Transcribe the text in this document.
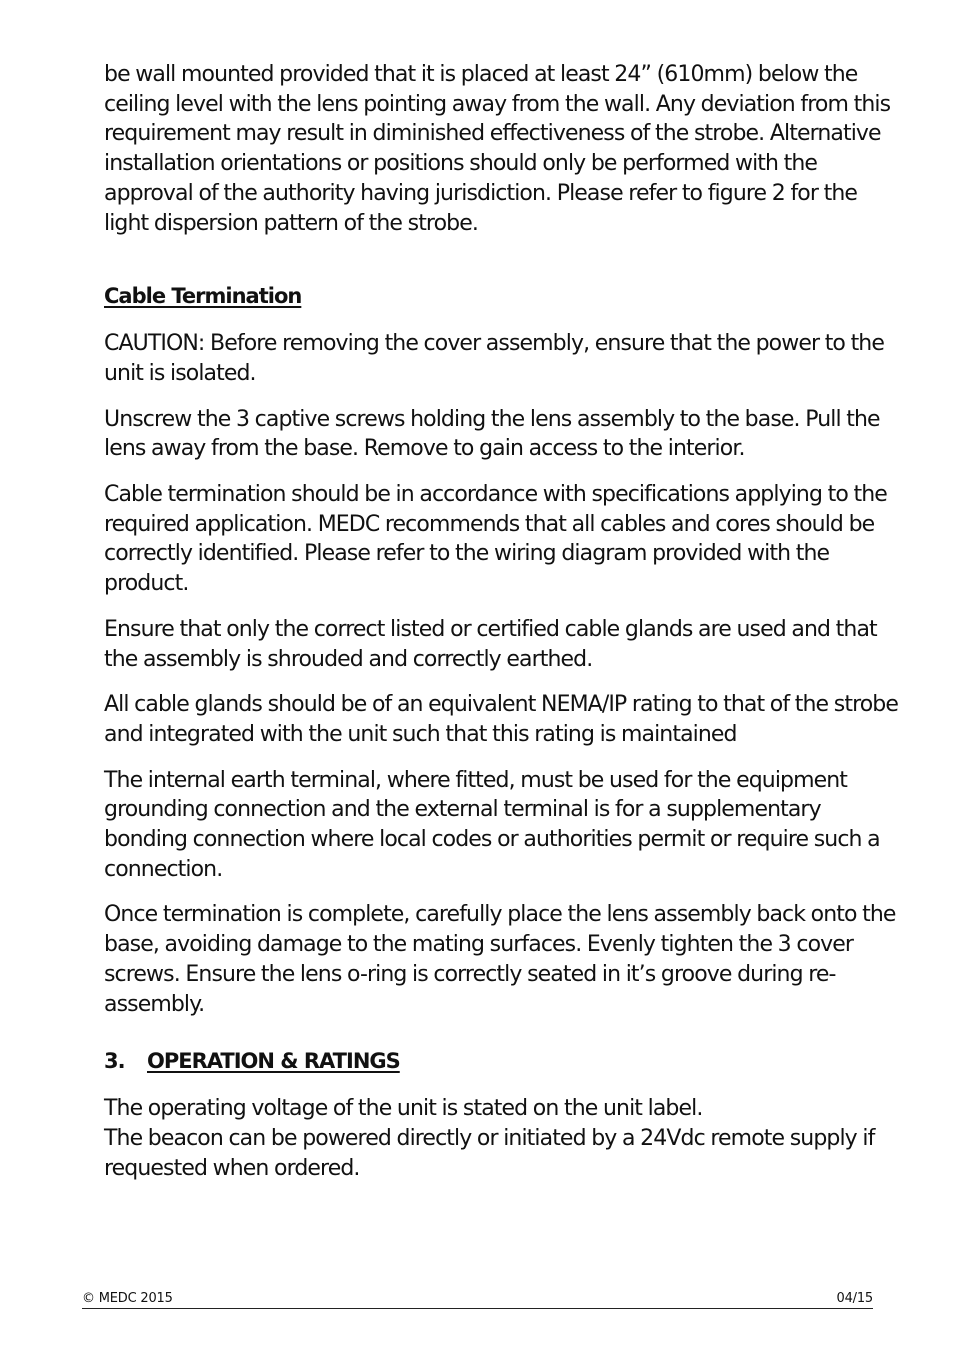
be wall mounted provided that it is placed at least 24” (610mm) below the ceiling level with the lens pointing away from the wall. Any deviation from this requirement may result in diminished effectiveness of the strobe. Alternative installation orientations or positions should only be performed with the approval of the authority having jurisdiction. Please refer to figure 2 for the light dispersion pattern of the strobe.

Cable Termination

CAUTION: Before removing the cover assembly, ensure that the power to the unit is isolated.

Unscrew the 3 captive screws holding the lens assembly to the base. Pull the lens away from the base. Remove to gain access to the interior.

Cable termination should be in accordance with specifications applying to the required application. MEDC recommends that all cables and cores should be correctly identified. Please refer to the wiring diagram provided with the product.

Ensure that only the correct listed or certified cable glands are used and that the assembly is shrouded and correctly earthed.

All cable glands should be of an equivalent NEMA/IP rating to that of the strobe and integrated with the unit such that this rating is maintained

The internal earth terminal, where fitted, must be used for the equipment grounding connection and the external terminal is for a supplementary bonding connection where local codes or authorities permit or require such a connection.

Once termination is complete, carefully place the lens assembly back onto the base, avoiding damage to the mating surfaces. Evenly tighten the 3 cover screws. Ensure the lens o-ring is correctly seated in it’s groove during re-assembly.

3. OPERATION & RATINGS

The operating voltage of the unit is stated on the unit label.
The beacon can be powered directly or initiated by a 24Vdc remote supply if requested when ordered.

© MEDC 2015	04/15
